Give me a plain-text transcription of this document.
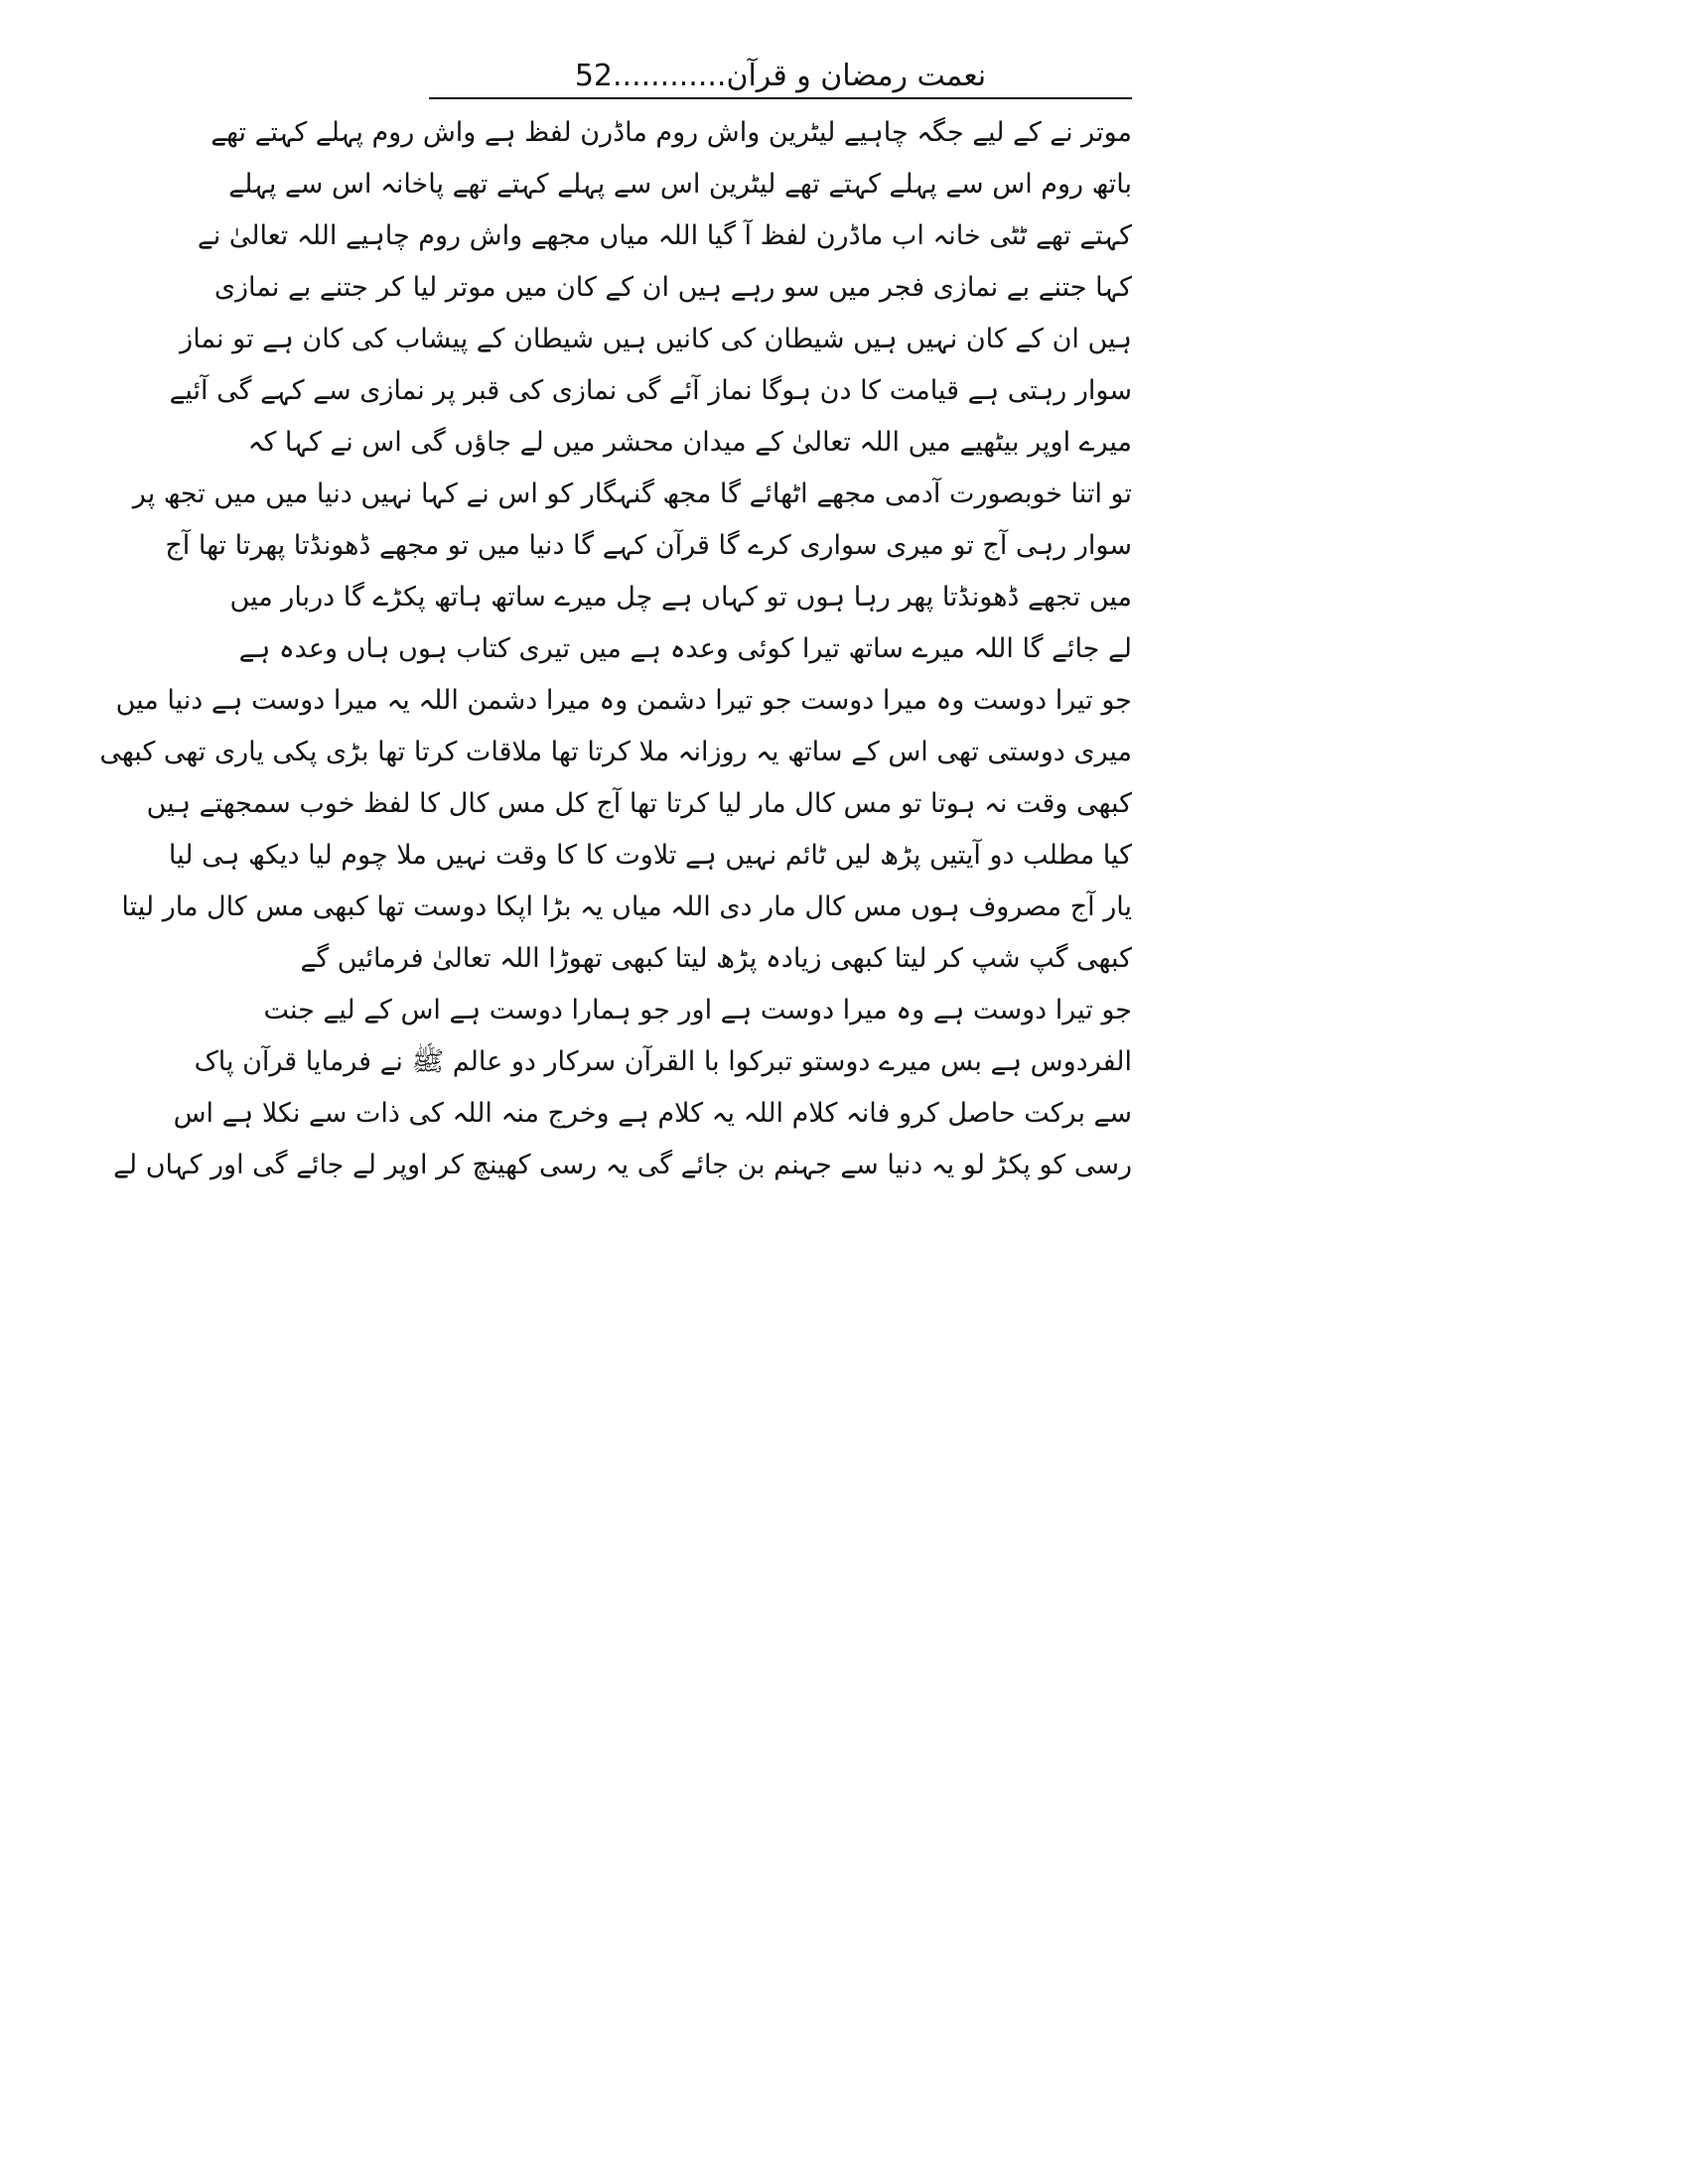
نعمت رمضان و قرآن............52
موتر نے کے لیے جگہ چاہیے لیٹرین واش روم ماڈرن لفظ ہے واش روم پہلے کہتے تھے
باتھ روم اس سے پہلے کہتے تھے لیٹرین اس سے پہلے کہتے تھے پاخانہ اس سے پہلے
کہتے تھے ٹٹی خانہ اب ماڈرن لفظ آ گیا اللہ میاں مجھے واش روم چاہیے اللہ تعالیٰ نے
کہا جتنے بے نمازی فجر میں سو رہے ہیں ان کے کان میں موتر لیا کر جتنے بے نمازی
ہیں ان کے کان نہیں ہیں شیطان کی کانیں ہیں شیطان کے پیشاب کی کان ہے تو نماز
سوار رہتی ہے قیامت کا دن ہوگا نماز آئے گی نمازی کی قبر پر نمازی سے کہے گی آئیے
میرے اوپر بیٹھیے میں اللہ تعالیٰ کے میدان محشر میں لے جاؤں گی اس نے کہا کہ
تو اتنا خوبصورت آدمی مجھے اٹھائے گا مجھ گنہگار کو اس نے کہا نہیں دنیا میں میں تجھ پر
سوار رہی آج تو میری سواری کرے گا قرآن کہے گا دنیا میں تو مجھے ڈھونڈتا پھرتا تھا آج
میں تجھے ڈھونڈتا پھر رہا ہوں تو کہاں ہے چل میرے ساتھ ہاتھ پکڑے گا دربار میں
لے جائے گا اللہ میرے ساتھ تیرا کوئی وعدہ ہے میں تیری کتاب ہوں ہاں وعدہ ہے
جو تیرا دوست وہ میرا دوست جو تیرا دشمن وہ میرا دشمن اللہ یہ میرا دوست ہے دنیا میں
میری دوستی تھی اس کے ساتھ یہ روزانہ ملا کرتا تھا ملاقات کرتا تھا بڑی پکی یاری تھی کبھی
کبھی وقت نہ ہوتا تو مس کال مار لیا کرتا تھا آج کل مس کال کا لفظ خوب سمجھتے ہیں
کیا مطلب دو آیتیں پڑھ لیں ٹائم نہیں ہے تلاوت کا کا وقت نہیں ملا چوم لیا دیکھ ہی لیا
یار آج مصروف ہوں مس کال مار دی اللہ میاں یہ بڑا اپکا دوست تھا کبھی مس کال مار لیتا
کبھی گپ شپ کر لیتا کبھی زیادہ پڑھ لیتا کبھی تھوڑا اللہ تعالیٰ فرمائیں گے
جو تیرا دوست ہے وہ میرا دوست ہے اور جو ہمارا دوست ہے اس کے لیے جنت
الفردوس ہے بس میرے دوستو تبرکوا با القرآن سرکار دو عالم ﷺ نے فرمایا قرآن پاک
سے برکت حاصل کرو فانہ کلام اللہ یہ کلام ہے وخرج منہ اللہ کی ذات سے نکلا ہے اس
رسی کو پکڑ لو یہ دنیا سے جہنم بن جائے گی یہ رسی کھینچ کر اوپر لے جائے گی اور کہاں لے
